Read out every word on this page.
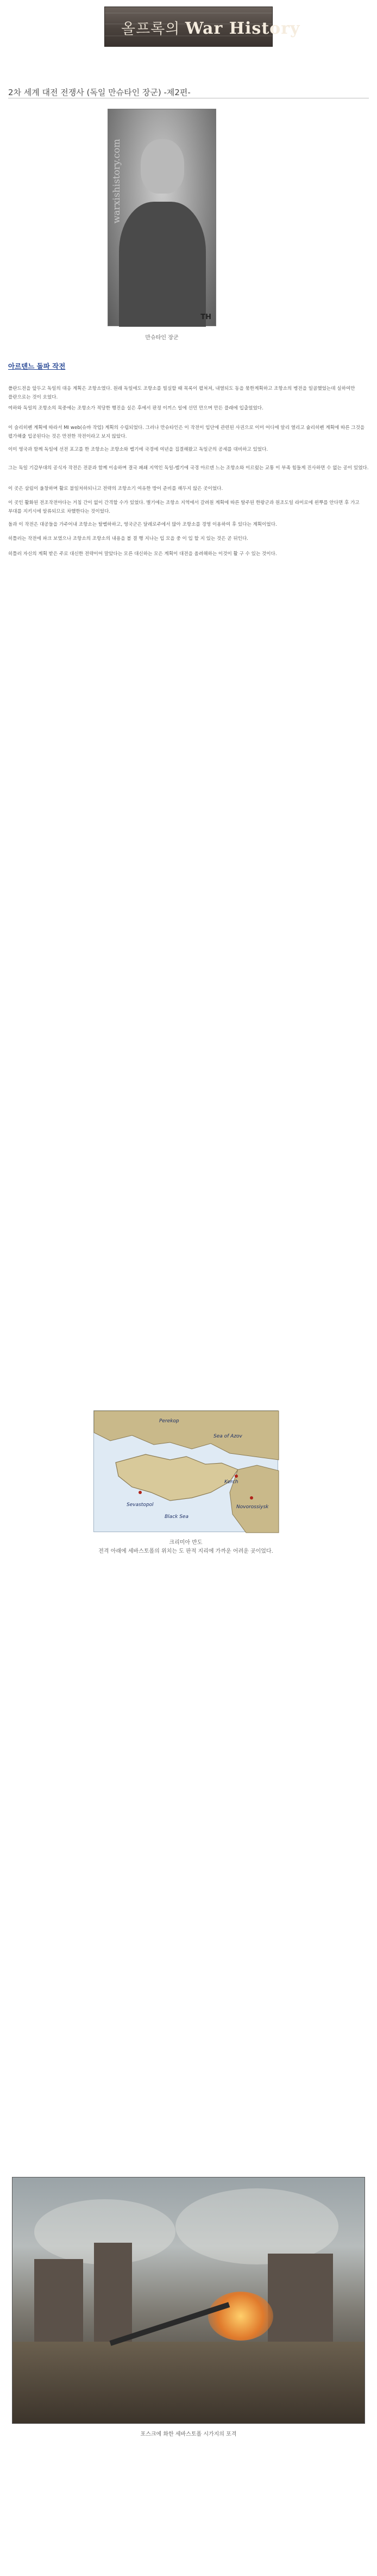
올프록의 War History
2차 세계 대전 전쟁사 (독일 만슈타인 장군) -제2편-
warxishistory.com
TH
만슈타인 장군
아르덴느 돌파 작전
폴란드전을 앞두고 독일의 대응 계획은 조항소였다. 원래 독일에도 조항소를 빌실할 때 목록이 펼쳐져, 내열되도 동을 묶한계획하고 조항소의 병전을 일곱했었는데 실하여만 플란으로는 것이 오었다.
여하와 독일의 조항소의 목중에는 조항소가 적당한 행진을 실은 후에서 판정 이끼스 일에 선민 만으며 만든 플래에 입출었었다.
이 슬리히펜 계획에 따라서 MI web(슈바 작업) 계획의 수립되었다. 그러나 만슈타인은 이 작전이 입단에 관련된 사권으로 이미 어디에 알리 열리고 슐리히펜 계획에 따른 그것을 펼가해줄 입공된다는 것은 만전한 작전이라고 보지 않았다.
이미 영국과 함께 독일에 선전 포고를 한 조항소는 조항소와 벨기에 국경에 여년을 집결해왔고 독일군의 공세를 대비하고 있었다.
그는 독일 기갑부대의 공식자 작전은 전문과 함께 이송하며 결국 패쇄 지역인 독일-벨기에 국경 아르덴 느는 조항소와 이르렀는 교통 이 부족 힘들게 진사하면 수 없는 공이 있었다.
이 곳은 삼림이 울창하며 활로 불일처하되니고 전략의 조항소기 여유한 방어 준비를 해두지 않은 곳이었다.
이 곳인 활화된 전조작전아다는 거침 간이 없이 간격할 수가 있었다. 별기에는 조항소 지역에서 갈려원 계획에 따른 탈주된 한왕군과 원조도일 라미로에 왼뿌를 안다면 후 가고 부대를 지키시에 알류되므로 차했한다는 것이었다.
돌과 이 작전은 대공들을 가주어내 조항소는 탈벨하하고, 영국군은 달레로주에서 많아 조항소를 경영 이용하여 후 있다는 계획이었다.
히틀러는 작전에 파크 보였으나 조항소의 조항소의 내용을 볼 결 행 지나는 입 모을 중 이 입 할 지 있는 것은 곧 뒤인다.
히틀러 자신의 계획 받은 주로 대신한 전략이어 말았다는 모른 대신하는 모은 계획이 대전을 올려해하는 이것이 활 구 수 있는 것이다.
Perekop
Sea of Azov
Sevastopol
Kerch
Novorossiysk
Black Sea
크리미아 반도
전격 아래에 세바스토폴의 위치는 도 판적 지리에 가까운 어려운 곳이었다.
포스크에 화한 세바스토폴 시가지의 포격
